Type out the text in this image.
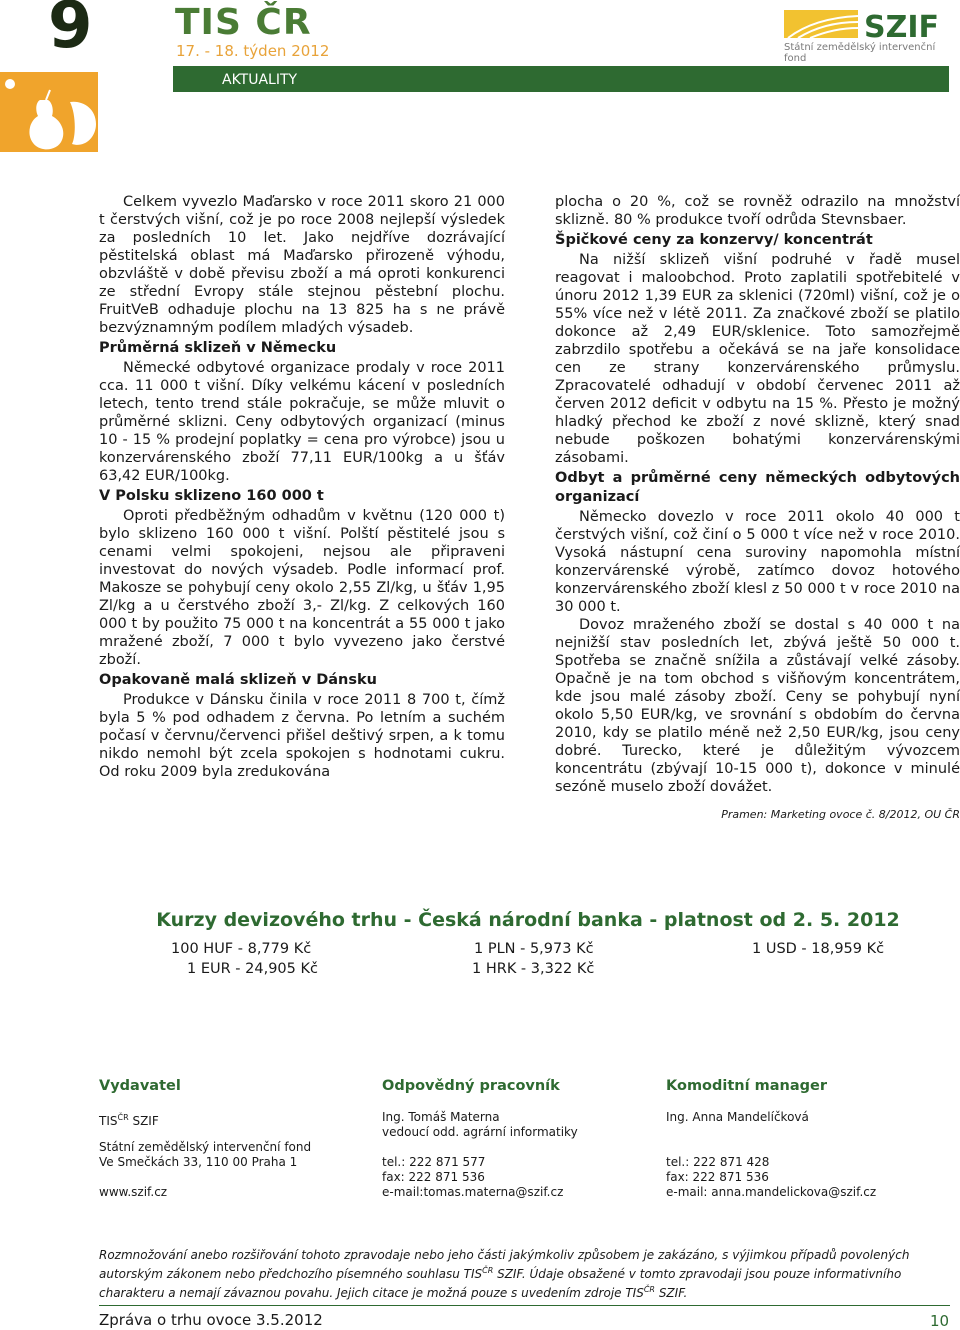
9 TIS ČR
17. - 18. týden 2012
AKTUALITY
SZIF
Státní zemědělský intervenční fond

Celkem vyvezlo Maďarsko v roce 2011 skoro 21 000 t čerstvých višní, což je po roce 2008 nejlepší výsledek za posledních 10 let. Jako nejdříve dozrávající pěstitelská oblast má Maďarsko přirozeně výhodu, obzvláště v době převisu zboží a má oproti konkurenci ze střední Evropy stále stejnou pěstební plochu. FruitVeB odhaduje plochu na 13 825 ha s ne právě bezvýznamným podílem mladých výsadeb.

Průměrná sklizeň v Německu

Německé odbytové organizace prodaly v roce 2011 cca. 11 000 t višní. Díky velkému kácení v posledních letech, tento trend stále pokračuje, se může mluvit o průměrné sklizni. Ceny odbytových organizací (minus 10 - 15 % prodejní poplatky = cena pro výrobce) jsou u konzervárenského zboží 77,11 EUR/100kg a u šťáv 63,42 EUR/100kg.

V Polsku sklizeno 160 000 t

Oproti předběžným odhadům v květnu (120 000 t) bylo sklizeno 160 000 t višní. Polští pěstitelé jsou s cenami velmi spokojeni, nejsou ale připraveni investovat do nových výsadeb. Podle informací prof. Makosze se pohybují ceny okolo 2,55 Zl/kg, u šťáv 1,95 Zl/kg a u čerstvého zboží 3,- Zl/kg. Z celkových 160 000 t by použito 75 000 t na koncentrát a 55 000 t jako mražené zboží, 7 000 t bylo vyvezeno jako čerstvé zboží.

Opakovaně malá sklizeň v Dánsku

Produkce v Dánsku činila v roce 2011 8 700 t, čímž byla 5 % pod odhadem z června. Po letním a suchém počasí v červnu/červenci přišel deštivý srpen, a k tomu nikdo nemohl být zcela spokojen s hodnotami cukru. Od roku 2009 byla zredukována

plocha o 20 %, což se rovněž odrazilo na množství sklizně. 80 % produkce tvoří odrůda Stevnsbaer.

Špičkové ceny za konzervy/ koncentrát

Na nižší sklizeň višní podruhé v řadě musel reagovat i maloobchod. Proto zaplatili spotřebitelé v únoru 2012 1,39 EUR za sklenici (720ml) višní, což je o 55% více než v létě 2011. Za značkové zboží se platilo dokonce až 2,49 EUR/sklenice. Toto samozřejmě zabrzdilo spotřebu a očekává se na jaře konsolidace cen ze strany konzervárenského průmyslu. Zpracovatelé odhadují v období červenec 2011 až červen 2012 deficit v odbytu na 15 %. Přesto je možný hladký přechod ke zboží z nové sklizně, který snad nebude poškozen bohatými konzervárenskými zásobami.

Odbyt a průměrné ceny německých odbytových organizací

Německo dovezlo v roce 2011 okolo 40 000 t čerstvých višní, což činí o 5 000 t více než v roce 2010. Vysoká nástupní cena suroviny napomohla místní konzervárenské výrobě, zatímco dovoz hotového konzervárenského zboží klesl z 50 000 t v roce 2010 na 30 000 t.

Dovoz mraženého zboží se dostal s 40 000 t na nejnižší stav posledních let, zbývá ještě 50 000 t. Spotřeba se značně snížila a zůstávají velké zásoby. Opačně je na tom obchod s višňovým koncentrátem, kde jsou malé zásoby zboží. Ceny se pohybují nyní okolo 5,50 EUR/kg, ve srovnání s obdobím do června 2010, kdy se platilo méně než 2,50 EUR/kg, jsou ceny dobré. Turecko, které je důležitým vývozcem koncentrátu (zbývají 10-15 000 t), dokonce v minulé sezóně muselo zboží dovážet.

Pramen: Marketing ovoce č. 8/2012, OU ČR
Kurzy devizového trhu - Česká národní banka - platnost od 2. 5. 2012
100 HUF - 8,779 Kč	1 PLN - 5,973 Kč	1 USD - 18,959 Kč
1 EUR - 24,905 Kč	1 HRK - 3,322 Kč
Vydavatel
$TIS^{ČR}$ SZIF
Státní zemědělský intervenční fond
Ve Smečkách 33, 110 00 Praha 1
www.szif.cz
Odpovědný pracovník
Ing. Tomáš Materna
vedoucí odd. agrární informatiky
tel.: 222 871 577
fax: 222 871 536
e-mail:tomas.materna@szif.cz
Komoditní manager
Ing. Anna Mandelíčková
tel.: 222 871 428
fax: 222 871 536
e-mail: anna.mandelickova@szif.cz
Rozmnožování anebo rozšiřování tohoto zpravodaje nebo jeho části jakýmkoliv způsobem je zakázáno, s výjimkou případů povolených autorským zákonem nebo předchozího písemného souhlasu $TIS^{ČR}$ SZIF. Údaje obsažené v tomto zpravodaji jsou pouze informativního charakteru a nemají závaznou povahu. Jejich citace je možná pouze s uvedením zdroje $TIS^{ČR}$ SZIF.
Zpráva o trhu ovoce 3.5.2012	10
